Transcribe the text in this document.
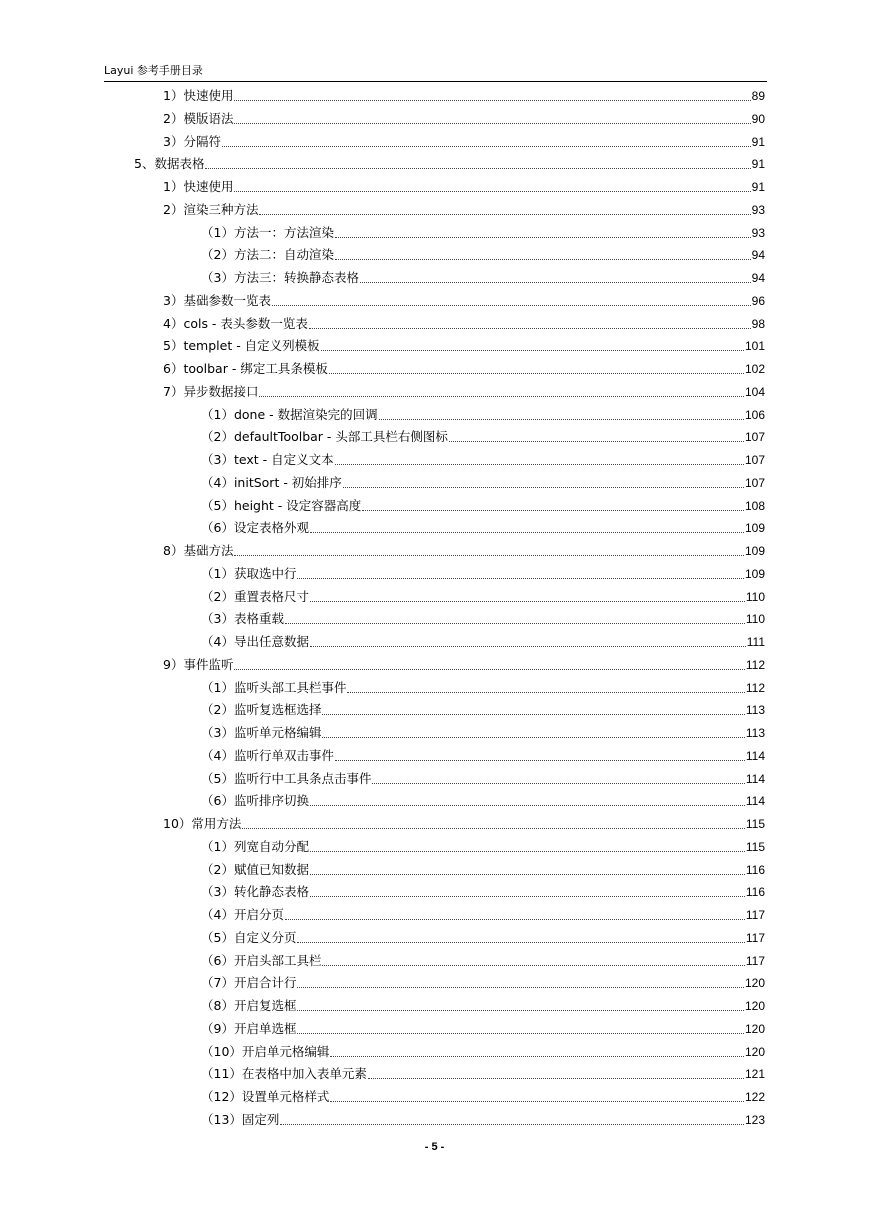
Layui 参考手册目录
1）快速使用	89
2）模版语法	90
3）分隔符	91
5、数据表格	91
1）快速使用	91
2）渲染三种方法	93
（1）方法一：方法渲染	93
（2）方法二：自动渲染	94
（3）方法三：转换静态表格	94
3）基础参数一览表	96
4）cols - 表头参数一览表	98
5）templet - 自定义列模板	101
6）toolbar - 绑定工具条模板	102
7）异步数据接口	104
（1）done - 数据渲染完的回调	106
（2）defaultToolbar - 头部工具栏右侧图标	107
（3）text - 自定义文本	107
（4）initSort - 初始排序	107
（5）height - 设定容器高度	108
（6）设定表格外观	109
8）基础方法	109
（1）获取选中行	109
（2）重置表格尺寸	110
（3）表格重载	110
（4）导出任意数据	111
9）事件监听	112
（1）监听头部工具栏事件	112
（2）监听复选框选择	113
（3）监听单元格编辑	113
（4）监听行单双击事件	114
（5）监听行中工具条点击事件	114
（6）监听排序切换	114
10）常用方法	115
（1）列宽自动分配	115
（2）赋值已知数据	116
（3）转化静态表格	116
（4）开启分页	117
（5）自定义分页	117
（6）开启头部工具栏	117
（7）开启合计行	120
（8）开启复选框	120
（9）开启单选框	120
（10）开启单元格编辑	120
（11）在表格中加入表单元素	121
（12）设置单元格样式	122
（13）固定列	123
- 5 -
